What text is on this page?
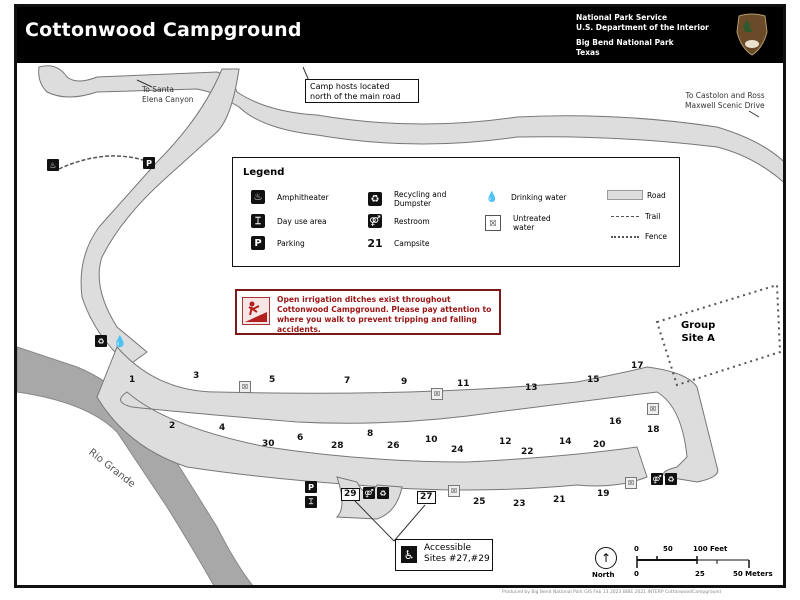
Cottonwood Campground
National Park Service
U.S. Department of the Interior
Big Bend National Park
Texas
To Santa
Elena Canyon	To Castolon and Ross
Maxwell Scenic Drive
Camp hosts located
north of the main road
♨	P
♻ 💧
Legend
♨	Amphitheater
⌶	Day use area
P	Parking
♻	Recycling and
Dumpster
⚤ Restroom
21 Campsite
💧 Drinking water
☒	Untreated
water
Road
Trail
Fence
Open irrigation ditches exist throughout Cottonwood Campground. Please pay attention to where you walk to prevent tripping and falling accidents.	Group
Site A
Rio Grande
1
2
3
4
5
6
7
8
9
10
11
12
13
14
15
16
17
18
19
20
21
22
23
24
25
26
27
28
29
30
☒
☒
☒
☒
☒
⚤ ♻
⚤ ♻
P
⌶
♿ Accessible
Sites #27,#29	↑
North
0	50	100 Feet
0	25	50 Meters
Produced by Big Bend National Park GIS Feb 13 2023 BIBE 2021 INTERP CottonwoodCampground
